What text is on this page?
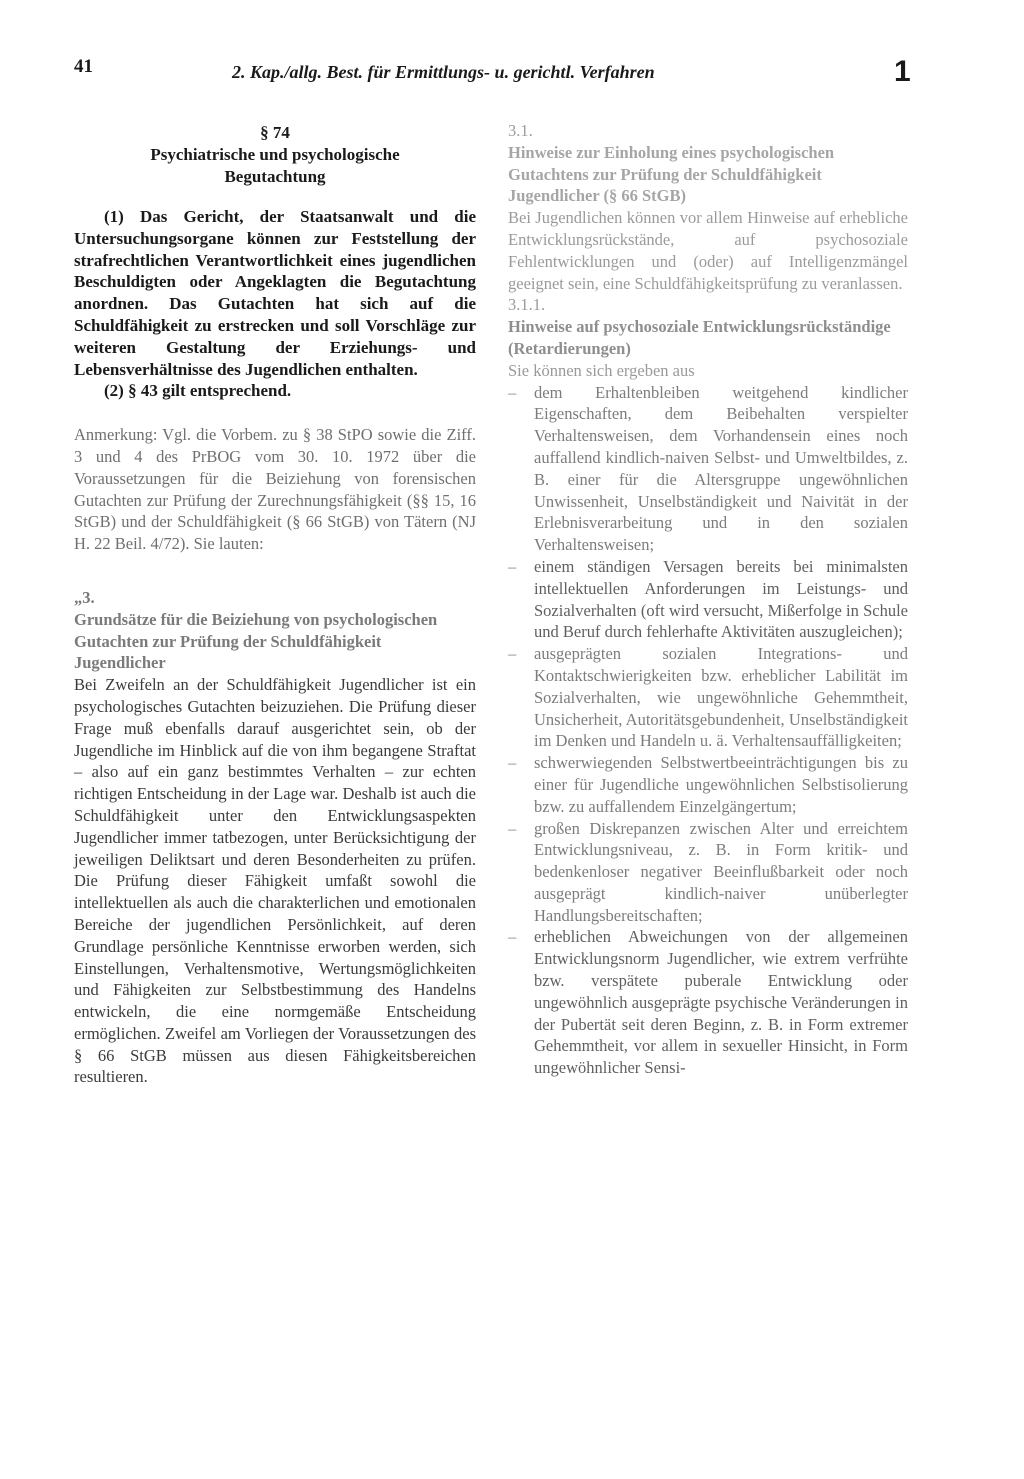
41	2. Kap./allg. Best. für Ermittlungs- u. gerichtl. Verfahren	1

§ 74

Psychiatrische und psychologische

Begutachtung

(1) Das Gericht, der Staatsanwalt und die Untersuchungsorgane können zur Feststellung der strafrechtlichen Verantwortlichkeit eines jugendlichen Beschuldigten oder Angeklagten die Begutachtung anordnen. Das Gutachten hat sich auf die Schuldfähigkeit zu erstrecken und soll Vorschläge zur weiteren Gestaltung der Erziehungs- und Lebensverhältnisse des Jugendlichen enthalten.

(2) § 43 gilt entsprechend.

Anmerkung: Vgl. die Vorbem. zu § 38 StPO sowie die Ziff. 3 und 4 des PrBOG vom 30. 10. 1972 über die Voraussetzungen für die Beiziehung von forensischen Gutachten zur Prüfung der Zurechnungsfähigkeit (§§ 15, 16 StGB) und der Schuldfähigkeit (§ 66 StGB) von Tätern (NJ H. 22 Beil. 4/72). Sie lauten:

„3.

Grundsätze für die Beiziehung von psychologischen Gutachten zur Prüfung der Schuldfähigkeit Jugendlicher

Bei Zweifeln an der Schuldfähigkeit Jugendlicher ist ein psychologisches Gutachten beizuziehen. Die Prüfung dieser Frage muß ebenfalls darauf ausgerichtet sein, ob der Jugendliche im Hinblick auf die von ihm begangene Straftat – also auf ein ganz bestimmtes Verhalten – zur echten richtigen Entscheidung in der Lage war. Deshalb ist auch die Schuldfähigkeit unter den Entwicklungsaspekten Jugendlicher immer tatbezogen, unter Berücksichtigung der jeweiligen Deliktsart und deren Besonderheiten zu prüfen. Die Prüfung dieser Fähigkeit umfaßt sowohl die intellektuellen als auch die charakterlichen und emotionalen Bereiche der jugendlichen Persönlichkeit, auf deren Grundlage persönliche Kenntnisse erworben werden, sich Einstellungen, Verhaltensmotive, Wertungsmöglichkeiten und Fähigkeiten zur Selbstbestimmung des Handelns entwickeln, die eine normgemäße Entscheidung ermöglichen. Zweifel am Vorliegen der Voraussetzungen des § 66 StGB müssen aus diesen Fähigkeitsbereichen resultieren.

3.1.

Hinweise zur Einholung eines psychologischen Gutachtens zur Prüfung der Schuldfähigkeit Jugendlicher (§ 66 StGB)

Bei Jugendlichen können vor allem Hinweise auf erhebliche Entwicklungsrückstände, auf psychosoziale Fehlentwicklungen und (oder) auf Intelligenzmängel geeignet sein, eine Schuldfähigkeitsprüfung zu veranlassen.

3.1.1.

Hinweise auf psychosoziale Entwicklungsrückständige (Retardierungen)

Sie können sich ergeben aus

– dem Erhaltenbleiben weitgehend kindlicher Eigenschaften, dem Beibehalten verspielter Verhaltensweisen, dem Vorhandensein eines noch auffallend kindlich-naiven Selbst- und Umweltbildes, z. B. einer für die Altersgruppe ungewöhnlichen Unwissenheit, Unselbständigkeit und Naivität in der Erlebnisverarbeitung und in den sozialen Verhaltensweisen;
– einem ständigen Versagen bereits bei minimalsten intellektuellen Anforderungen im Leistungs- und Sozialverhalten (oft wird versucht, Mißerfolge in Schule und Beruf durch fehlerhafte Aktivitäten auszugleichen);
– ausgeprägten sozialen Integrations- und Kontaktschwierigkeiten bzw. erheblicher Labilität im Sozialverhalten, wie ungewöhnliche Gehemmtheit, Unsicherheit, Autoritätsgebundenheit, Unselbständigkeit im Denken und Handeln u. ä. Verhaltensauffälligkeiten;
– schwerwiegenden Selbstwertbeeinträchtigungen bis zu einer für Jugendliche ungewöhnlichen Selbstisolierung bzw. zu auffallendem Einzelgängertum;
– großen Diskrepanzen zwischen Alter und erreichtem Entwicklungsniveau, z. B. in Form kritik- und bedenkenloser negativer Beeinflußbarkeit oder noch ausgeprägt kindlich-naiver unüberlegter Handlungsbereitschaften;
– erheblichen Abweichungen von der allgemeinen Entwicklungsnorm Jugendlicher, wie extrem verfrühte bzw. verspätete puberale Entwicklung oder ungewöhnlich ausgeprägte psychische Veränderungen in der Pubertät seit deren Beginn, z. B. in Form extremer Gehemmtheit, vor allem in sexueller Hinsicht, in Form ungewöhnlicher Sensi-
